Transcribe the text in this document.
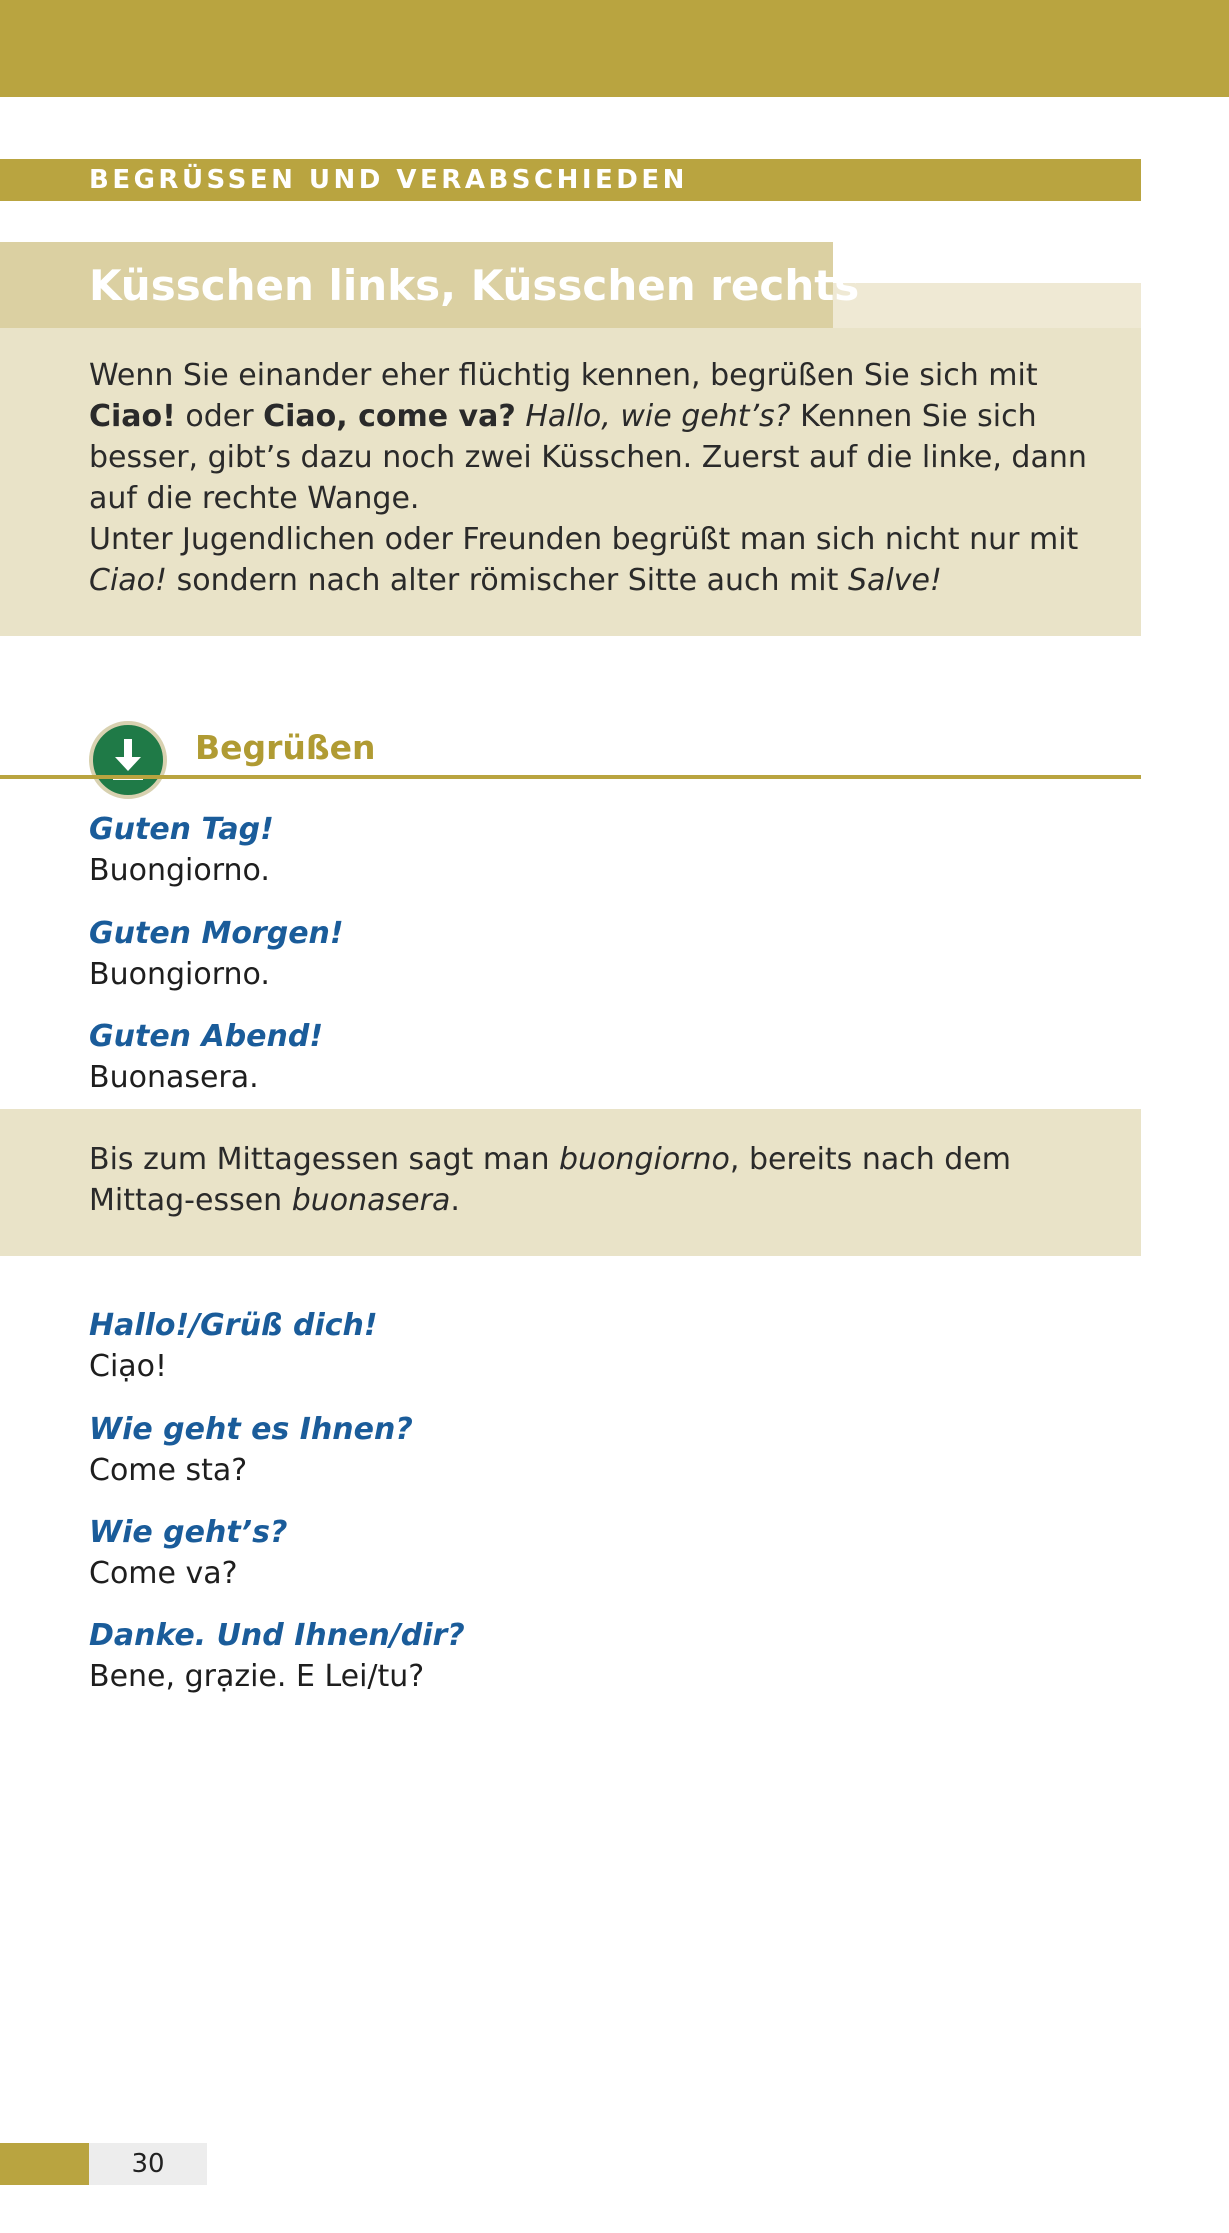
BEGRÜSSEN UND VERABSCHIEDEN
Küsschen links, Küsschen rechts

Wenn Sie einander eher flüchtig kennen, begrüßen Sie sich mit Ciao! oder Ciao, come va? Hallo, wie geht’s? Kennen Sie sich besser, gibt’s dazu noch zwei Küsschen. Zuerst auf die linke, dann auf die rechte Wange.

Unter Jugendlichen oder Freunden begrüßt man sich nicht nur mit Ciao! sondern nach alter römischer Sitte auch mit Salve!

Begrüßen
Guten Tag!
Buongiorno.
Guten Morgen!
Buongiorno.
Guten Abend!
Buonasera.
Bis zum Mittagessen sagt man buongiorno, bereits nach dem Mittag-essen buonasera.
Hallo!/Grüß dich!
Ciạo!
Wie geht es Ihnen?
Come sta?
Wie geht’s?
Come va?
Danke. Und Ihnen/dir?
Bene, grạzie. E Lei/tu?
30
